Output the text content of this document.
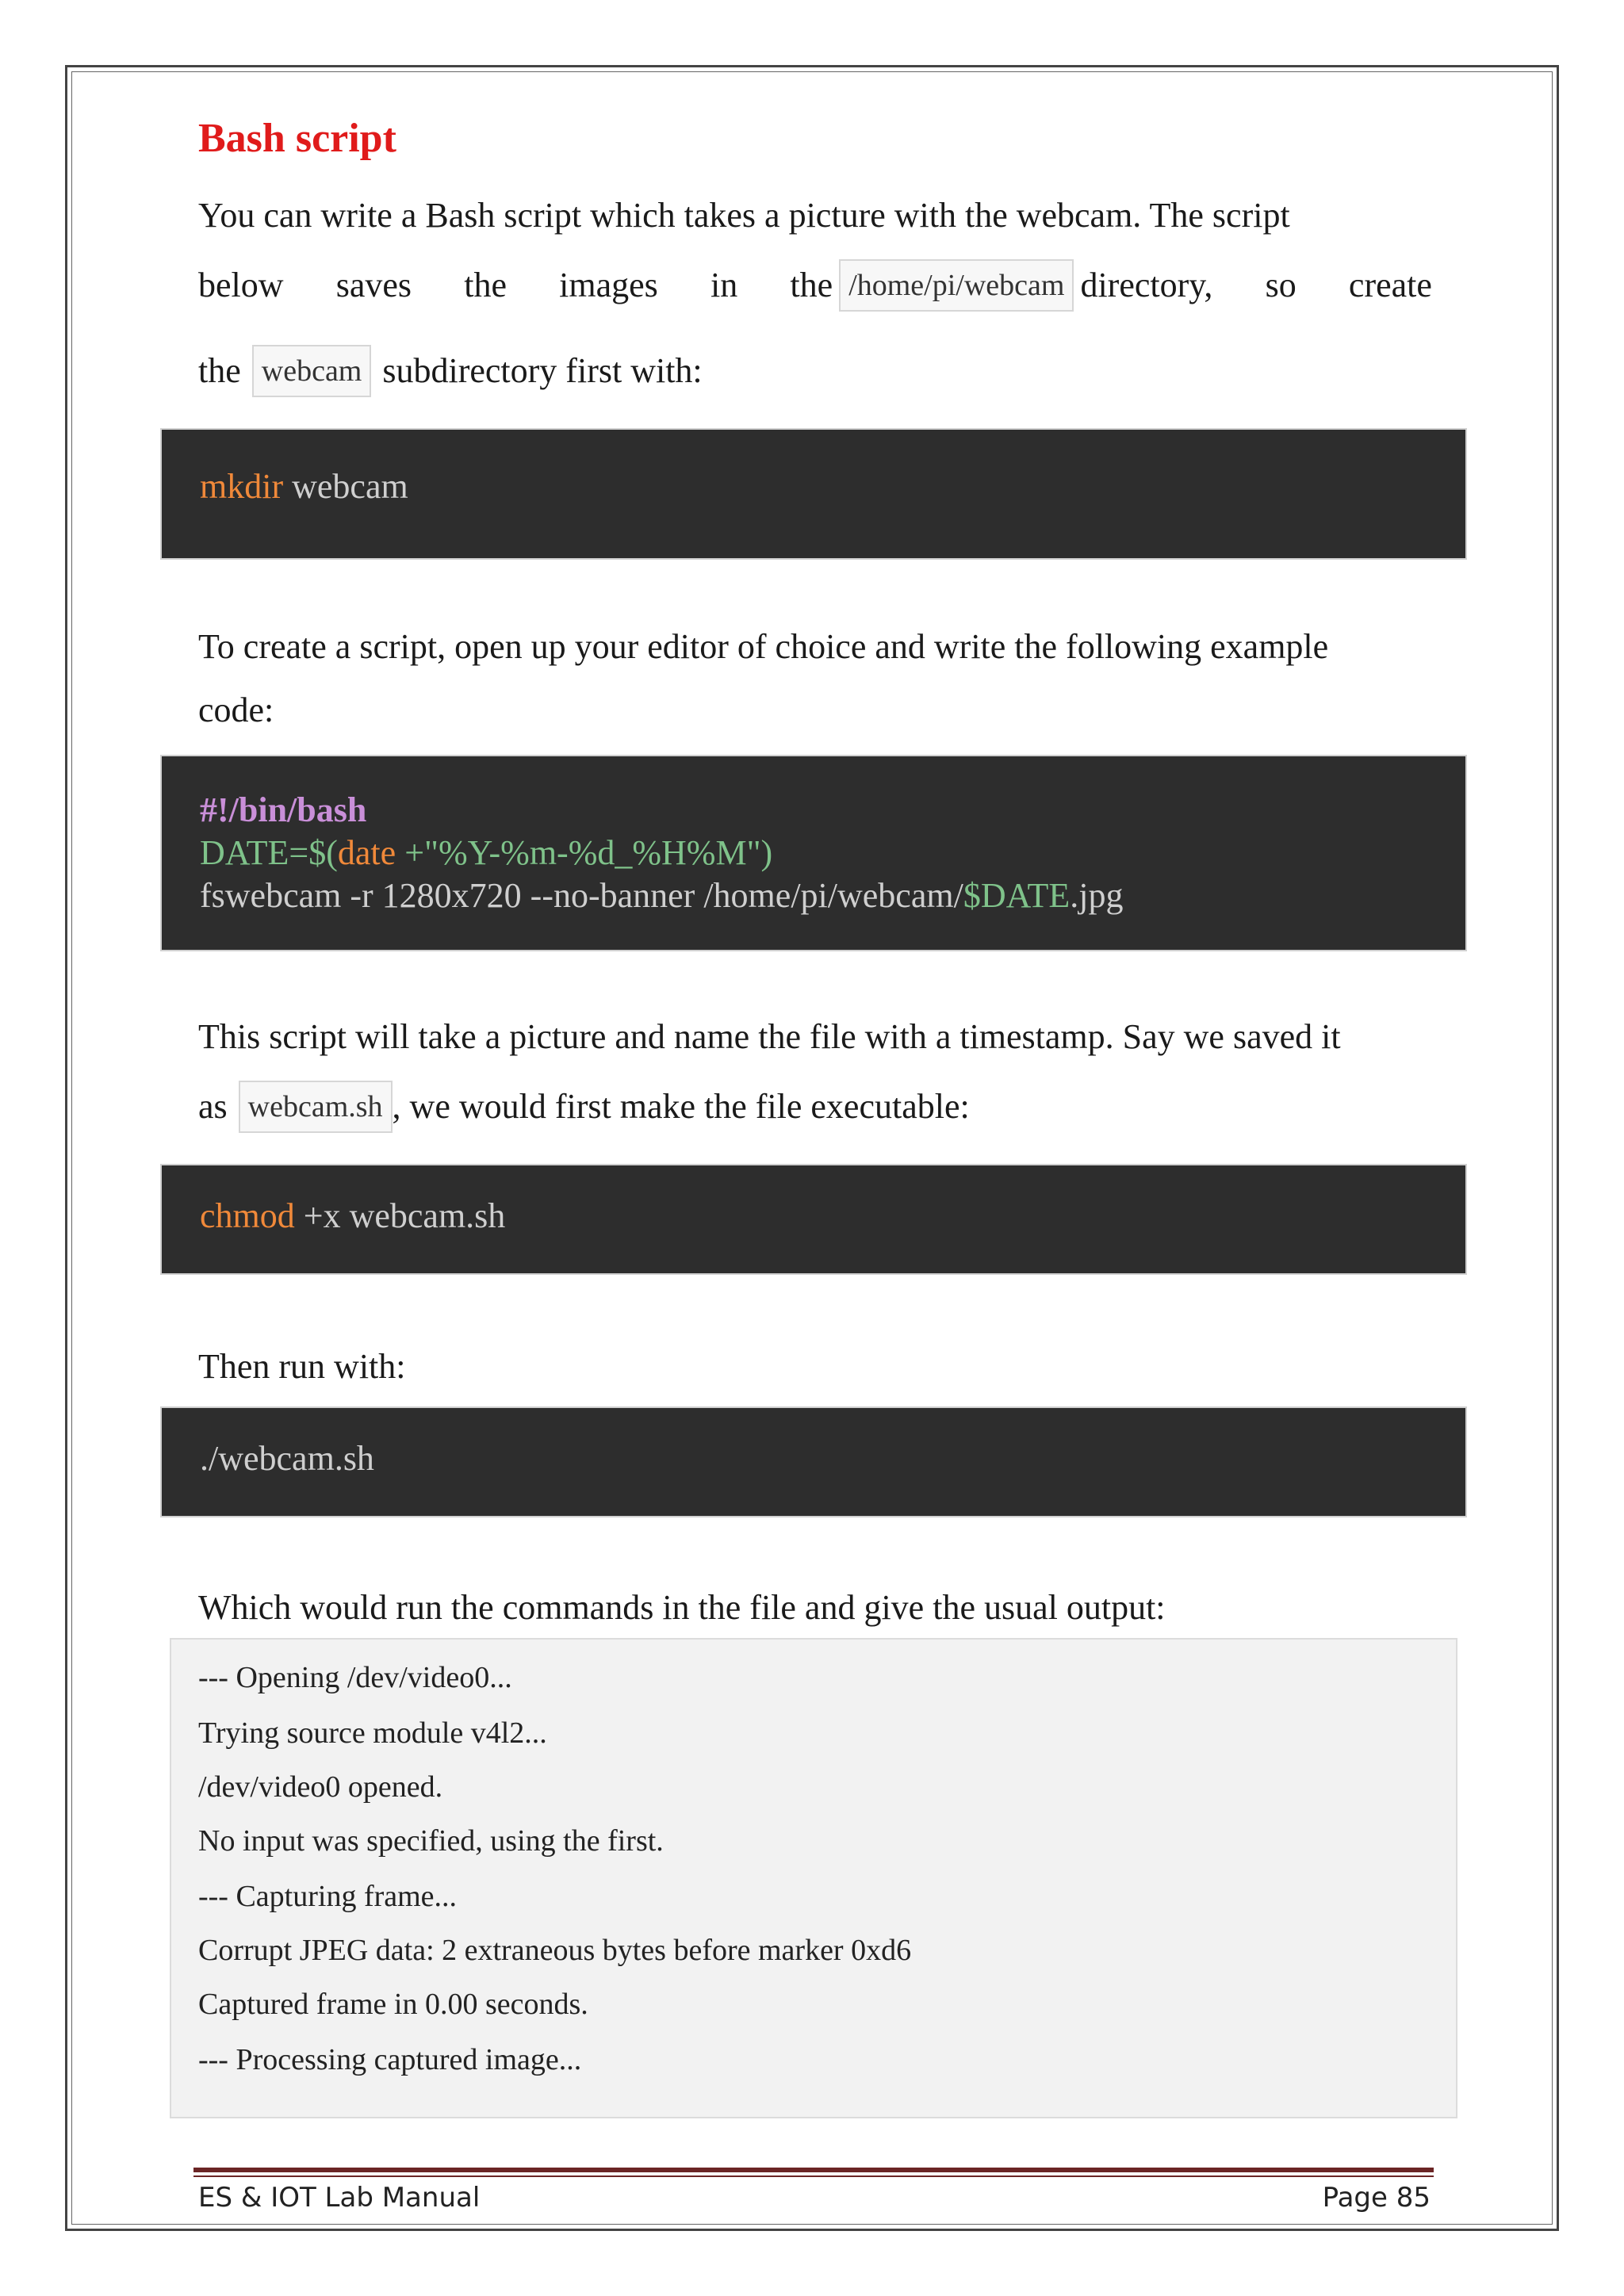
Bash script

You can write a Bash script which takes a picture with the webcam. The script

below saves the images in the /home/pi/webcam directory, so create
the webcam subdirectory first with:
mkdir webcam

To create a script, open up your editor of choice and write the following example

code:

#!/bin/bash
DATE=$(date +"%Y-%m-%d_%H%M")
fswebcam -r 1280x720 --no-banner /home/pi/webcam/$DATE.jpg

This script will take a picture and name the file with a timestamp. Say we saved it

as webcam.sh , we would first make the file executable:
chmod +x webcam.sh

Then run with:

./webcam.sh

Which would run the commands in the file and give the usual output:

--- Opening /dev/video0...
Trying source module v4l2...
/dev/video0 opened.
No input was specified, using the first.
--- Capturing frame...
Corrupt JPEG data: 2 extraneous bytes before marker 0xd6
Captured frame in 0.00 seconds.
--- Processing captured image...
ES & IOT Lab Manual	Page 85
